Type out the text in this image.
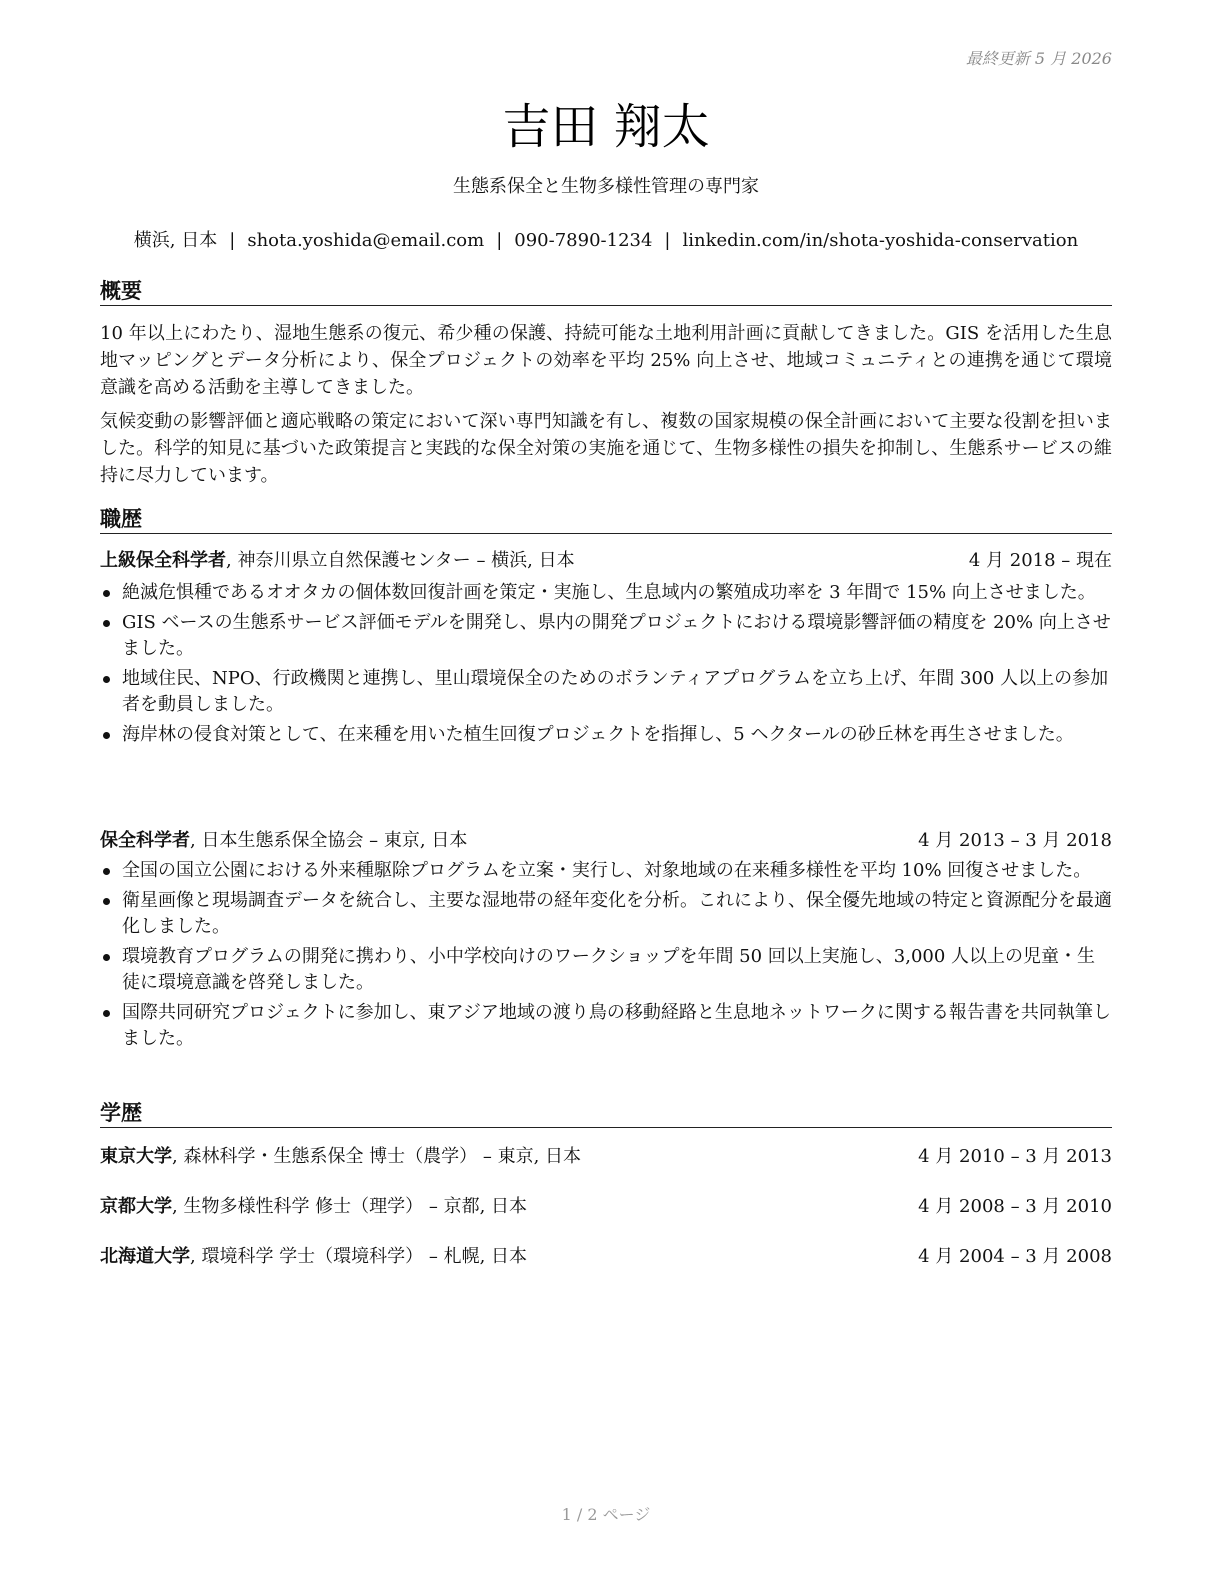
最終更新 5 月 2026
吉田 翔太
生態系保全と生物多様性管理の専門家
横浜, 日本 | shota.yoshida@email.com | 090-7890-1234 | linkedin.com/in/shota-yoshida-conservation
概要
10 年以上にわたり、湿地生態系の復元、希少種の保護、持続可能な土地利用計画に貢献してきました。GIS を活用した生息地マッピングとデータ分析により、保全プロジェクトの効率を平均 25% 向上させ、地域コミュニティとの連携を通じて環境意識を高める活動を主導してきました。
気候変動の影響評価と適応戦略の策定において深い専門知識を有し、複数の国家規模の保全計画において主要な役割を担いました。科学的知見に基づいた政策提言と実践的な保全対策の実施を通じて、生物多様性の損失を抑制し、生態系サービスの維持に尽力しています。
職歴
上級保全科学者, 神奈川県立自然保護センター – 横浜, 日本	4 月 2018 – 現在
絶滅危惧種であるオオタカの個体数回復計画を策定・実施し、生息域内の繁殖成功率を 3 年間で 15% 向上させました。
GIS ベースの生態系サービス評価モデルを開発し、県内の開発プロジェクトにおける環境影響評価の精度を 20% 向上させました。
地域住民、NPO、行政機関と連携し、里山環境保全のためのボランティアプログラムを立ち上げ、年間 300 人以上の参加者を動員しました。
海岸林の侵食対策として、在来種を用いた植生回復プロジェクトを指揮し、5 ヘクタールの砂丘林を再生させました。
保全科学者, 日本生態系保全協会 – 東京, 日本	4 月 2013 – 3 月 2018
全国の国立公園における外来種駆除プログラムを立案・実行し、対象地域の在来種多様性を平均 10% 回復させました。
衛星画像と現場調査データを統合し、主要な湿地帯の経年変化を分析。これにより、保全優先地域の特定と資源配分を最適化しました。
環境教育プログラムの開発に携わり、小中学校向けのワークショップを年間 50 回以上実施し、3,000 人以上の児童・生徒に環境意識を啓発しました。
国際共同研究プロジェクトに参加し、東アジア地域の渡り鳥の移動経路と生息地ネットワークに関する報告書を共同執筆しました。
学歴
東京大学, 森林科学・生態系保全 博士（農学） – 東京, 日本	4 月 2010 – 3 月 2013
京都大学, 生物多様性科学 修士（理学） – 京都, 日本	4 月 2008 – 3 月 2010
北海道大学, 環境科学 学士（環境科学） – 札幌, 日本	4 月 2004 – 3 月 2008
1 / 2 ページ
